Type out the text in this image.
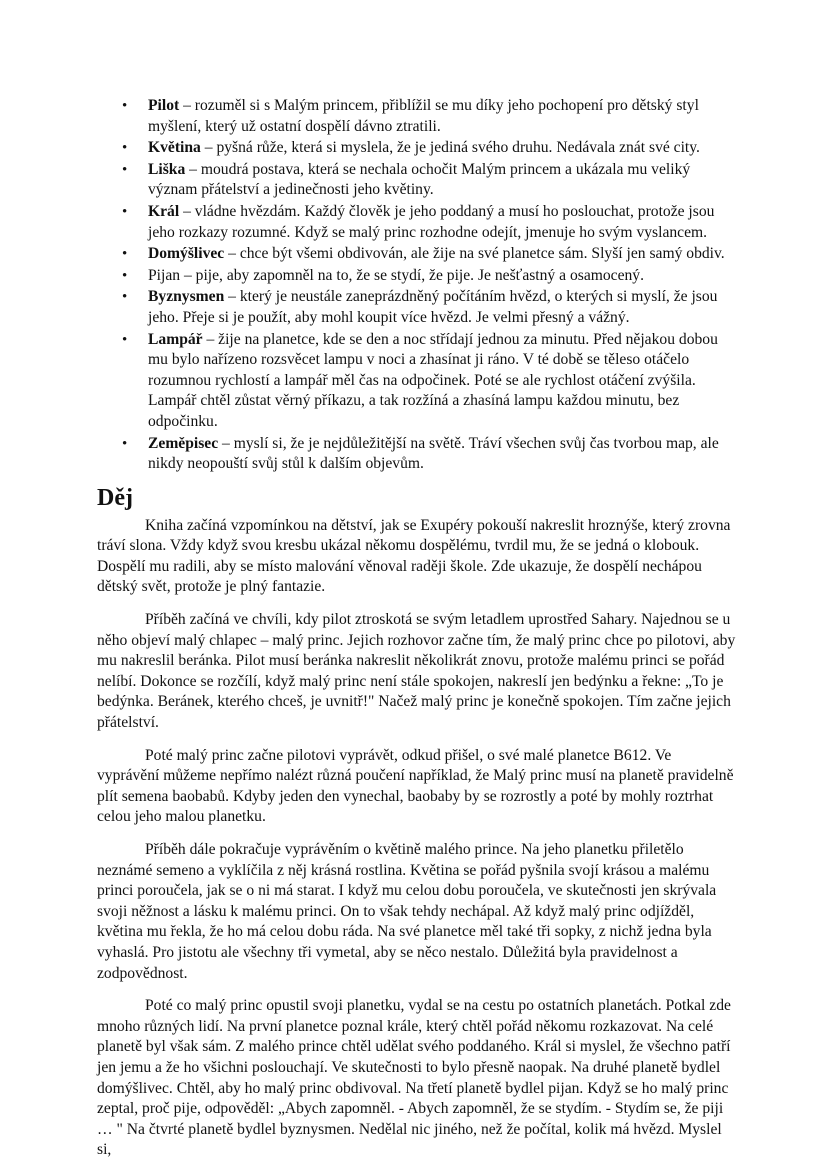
• Pilot – rozuměl si s Malým princem, přiblížil se mu díky jeho pochopení pro dětský styl myšlení, který už ostatní dospělí dávno ztratili.
• Květina – pyšná růže, která si myslela, že je jediná svého druhu. Nedávala znát své city.
• Liška – moudrá postava, která se nechala ochočit Malým princem a ukázala mu veliký význam přátelství a jedinečnosti jeho květiny.
• Král – vládne hvězdám. Každý člověk je jeho poddaný a musí ho poslouchat, protože jsou jeho rozkazy rozumné. Když se malý princ rozhodne odejít, jmenuje ho svým vyslancem.
• Domýšlivec – chce být všemi obdivován, ale žije na své planetce sám. Slyší jen samý obdiv.
• Pijan – pije, aby zapomněl na to, že se stydí, že pije. Je nešťastný a osamocený.
• Byznysmen – který je neustále zaneprázdněný počítáním hvězd, o kterých si myslí, že jsou jeho. Přeje si je použít, aby mohl koupit více hvězd. Je velmi přesný a vážný.
• Lampář – žije na planetce, kde se den a noc střídají jednou za minutu. Před nějakou dobou mu bylo nařízeno rozsvěcet lampu v noci a zhasínat ji ráno. V té době se těleso otáčelo rozumnou rychlostí a lampář měl čas na odpočinek. Poté se ale rychlost otáčení zvýšila. Lampář chtěl zůstat věrný příkazu, a tak rozžíná a zhasíná lampu každou minutu, bez odpočinku.
• Zeměpisec – myslí si, že je nejdůležitější na světě. Tráví všechen svůj čas tvorbou map, ale nikdy neopouští svůj stůl k dalším objevům.
Děj

Kniha začíná vzpomínkou na dětství, jak se Exupéry pokouší nakreslit hroznýše, který zrovna tráví slona. Vždy když svou kresbu ukázal někomu dospělému, tvrdil mu, že se jedná o klobouk. Dospělí mu radili, aby se místo malování věnoval raději škole. Zde ukazuje, že dospělí nechápou dětský svět, protože je plný fantazie.

Příběh začíná ve chvíli, kdy pilot ztroskotá se svým letadlem uprostřed Sahary. Najednou se u něho objeví malý chlapec – malý princ. Jejich rozhovor začne tím, že malý princ chce po pilotovi, aby mu nakreslil beránka. Pilot musí beránka nakreslit několikrát znovu, protože malému princi se pořád nelíbí. Dokonce se rozčílí, když malý princ není stále spokojen, nakreslí jen bedýnku a řekne: „To je bedýnka. Beránek, kterého chceš, je uvnitř!" Načež malý princ je konečně spokojen. Tím začne jejich přátelství.

Poté malý princ začne pilotovi vyprávět, odkud přišel, o své malé planetce B612. Ve vyprávění můžeme nepřímo nalézt různá poučení například, že Malý princ musí na planetě pravidelně plít semena baobabů. Kdyby jeden den vynechal, baobaby by se rozrostly a poté by mohly roztrhat celou jeho malou planetku.

Příběh dále pokračuje vyprávěním o květině malého prince. Na jeho planetku přiletělo neznámé semeno a vyklíčila z něj krásná rostlina. Květina se pořád pyšnila svojí krásou a malému princi poroučela, jak se o ni má starat. I když mu celou dobu poroučela, ve skutečnosti jen skrývala svoji něžnost a lásku k malému princi. On to však tehdy nechápal. Až když malý princ odjížděl, květina mu řekla, že ho má celou dobu ráda. Na své planetce měl také tři sopky, z nichž jedna byla vyhaslá. Pro jistotu ale všechny tři vymetal, aby se něco nestalo. Důležitá byla pravidelnost a zodpovědnost.

Poté co malý princ opustil svoji planetku, vydal se na cestu po ostatních planetách. Potkal zde mnoho různých lidí. Na první planetce poznal krále, který chtěl pořád někomu rozkazovat. Na celé planetě byl však sám. Z malého prince chtěl udělat svého poddaného. Král si myslel, že všechno patří jen jemu a že ho všichni poslouchají. Ve skutečnosti to bylo přesně naopak. Na druhé planetě bydlel domýšlivec. Chtěl, aby ho malý princ obdivoval. Na třetí planetě bydlel pijan. Když se ho malý princ zeptal, proč pije, odpověděl: „Abych zapomněl. - Abych zapomněl, že se stydím. - Stydím se, že piji … " Na čtvrté planetě bydlel byznysmen. Nedělal nic jiného, než že počítal, kolik má hvězd. Myslel si,
